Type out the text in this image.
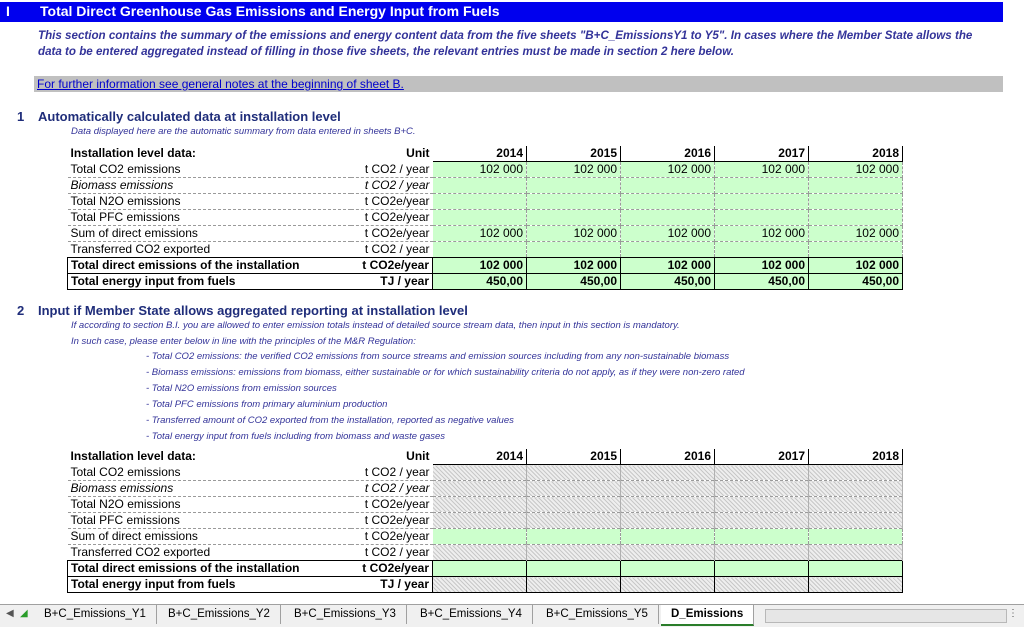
I Total Direct Greenhouse Gas Emissions and Energy Input from Fuels
This section contains the summary of the emissions and energy content data from the five sheets "B+C_EmissionsY1 to Y5". In cases where the Member State allows the data to be entered aggregated instead of filling in those five sheets, the relevant entries must be made in section 2 here below.
For further information see general notes at the beginning of sheet B.
1 Automatically calculated data at installation level
Data displayed here are the automatic summary from data entered in sheets B+C.
Installation level data:	Unit	2014	2015	2016	2017	2018
Total CO2 emissions	t CO2 / year	102 000	102 000	102 000	102 000	102 000
Biomass emissions	t CO2 / year					
Total N2O emissions	t CO2e/year					
Total PFC emissions	t CO2e/year					
Sum of direct emissions	t CO2e/year	102 000	102 000	102 000	102 000	102 000
Transferred CO2 exported	t CO2 / year					
Total direct emissions of the installation	t CO2e/year	102 000	102 000	102 000	102 000	102 000
Total energy input from fuels	TJ / year	450,00	450,00	450,00	450,00	450,00
2 Input if Member State allows aggregated reporting at installation level
If according to section B.I. you are allowed to enter emission totals instead of detailed source stream data, then input in this section is mandatory.
In such case, please enter below in line with the principles of the M&R Regulation:
- Total CO2 emissions: the verified CO2 emissions from source streams and emission sources including from any non-sustainable biomass
- Biomass emissions: emissions from biomass, either sustainable or for which sustainability criteria do not apply, as if they were non-zero rated
- Total N2O emissions from emission sources
- Total PFC emissions from primary aluminium production
- Transferred amount of CO2 exported from the installation, reported as negative values
- Total energy input from fuels including from biomass and waste gases
Installation level data:	Unit	2014	2015	2016	2017	2018
Total CO2 emissions	t CO2 / year					
Biomass emissions	t CO2 / year					
Total N2O emissions	t CO2e/year					
Total PFC emissions	t CO2e/year					
Sum of direct emissions	t CO2e/year					
Transferred CO2 exported	t CO2 / year					
Total direct emissions of the installation	t CO2e/year					
Total energy input from fuels	TJ / year					
◀ ◢	B+C_Emissions_Y1	B+C_Emissions_Y2	B+C_Emissions_Y3	B+C_Emissions_Y4	B+C_Emissions_Y5	D_Emissions	⋮
